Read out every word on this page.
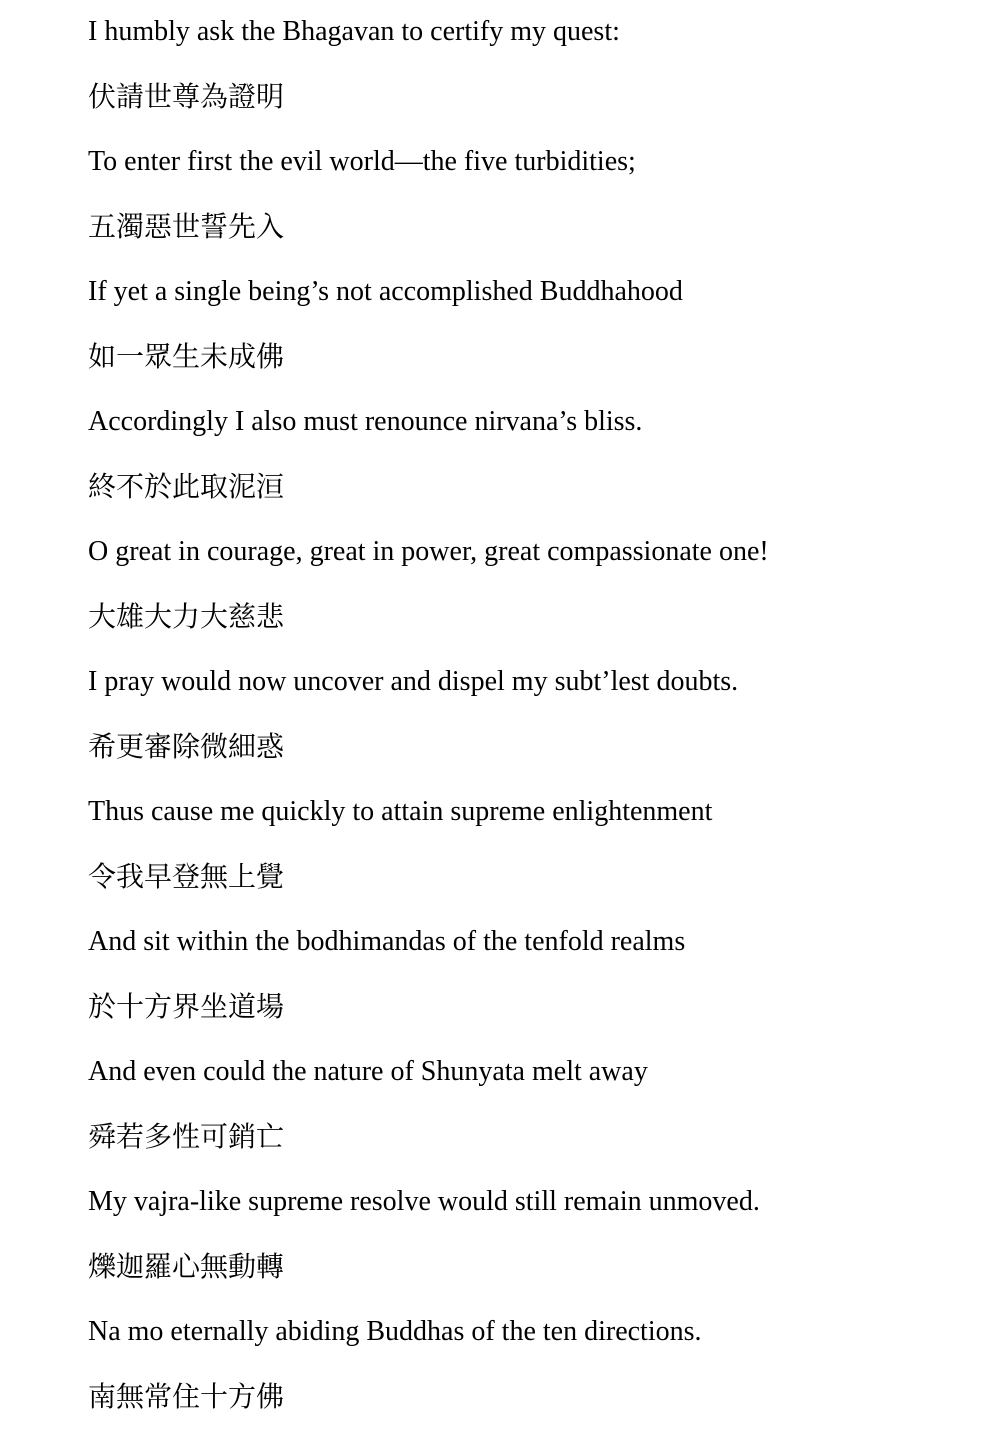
I humbly ask the Bhagavan to certify my quest:

伏請世尊為證明

To enter first the evil world—the five turbidities;

五濁惡世誓先入

If yet a single being’s not accomplished Buddhahood

如一眾生未成佛

Accordingly I also must renounce nirvana’s bliss.

終不於此取泥洹

O great in courage, great in power, great compassionate one!

大雄大力大慈悲

I pray would now uncover and dispel my subt’lest doubts.

希更審除微細惑

Thus cause me quickly to attain supreme enlightenment

令我早登無上覺

And sit within the bodhimandas of the tenfold realms

於十方界坐道場

And even could the nature of Shunyata melt away

舜若多性可銷亡

My vajra-like supreme resolve would still remain unmoved.

爍迦羅心無動轉

Na mo eternally abiding Buddhas of the ten directions.

南無常住十方佛
